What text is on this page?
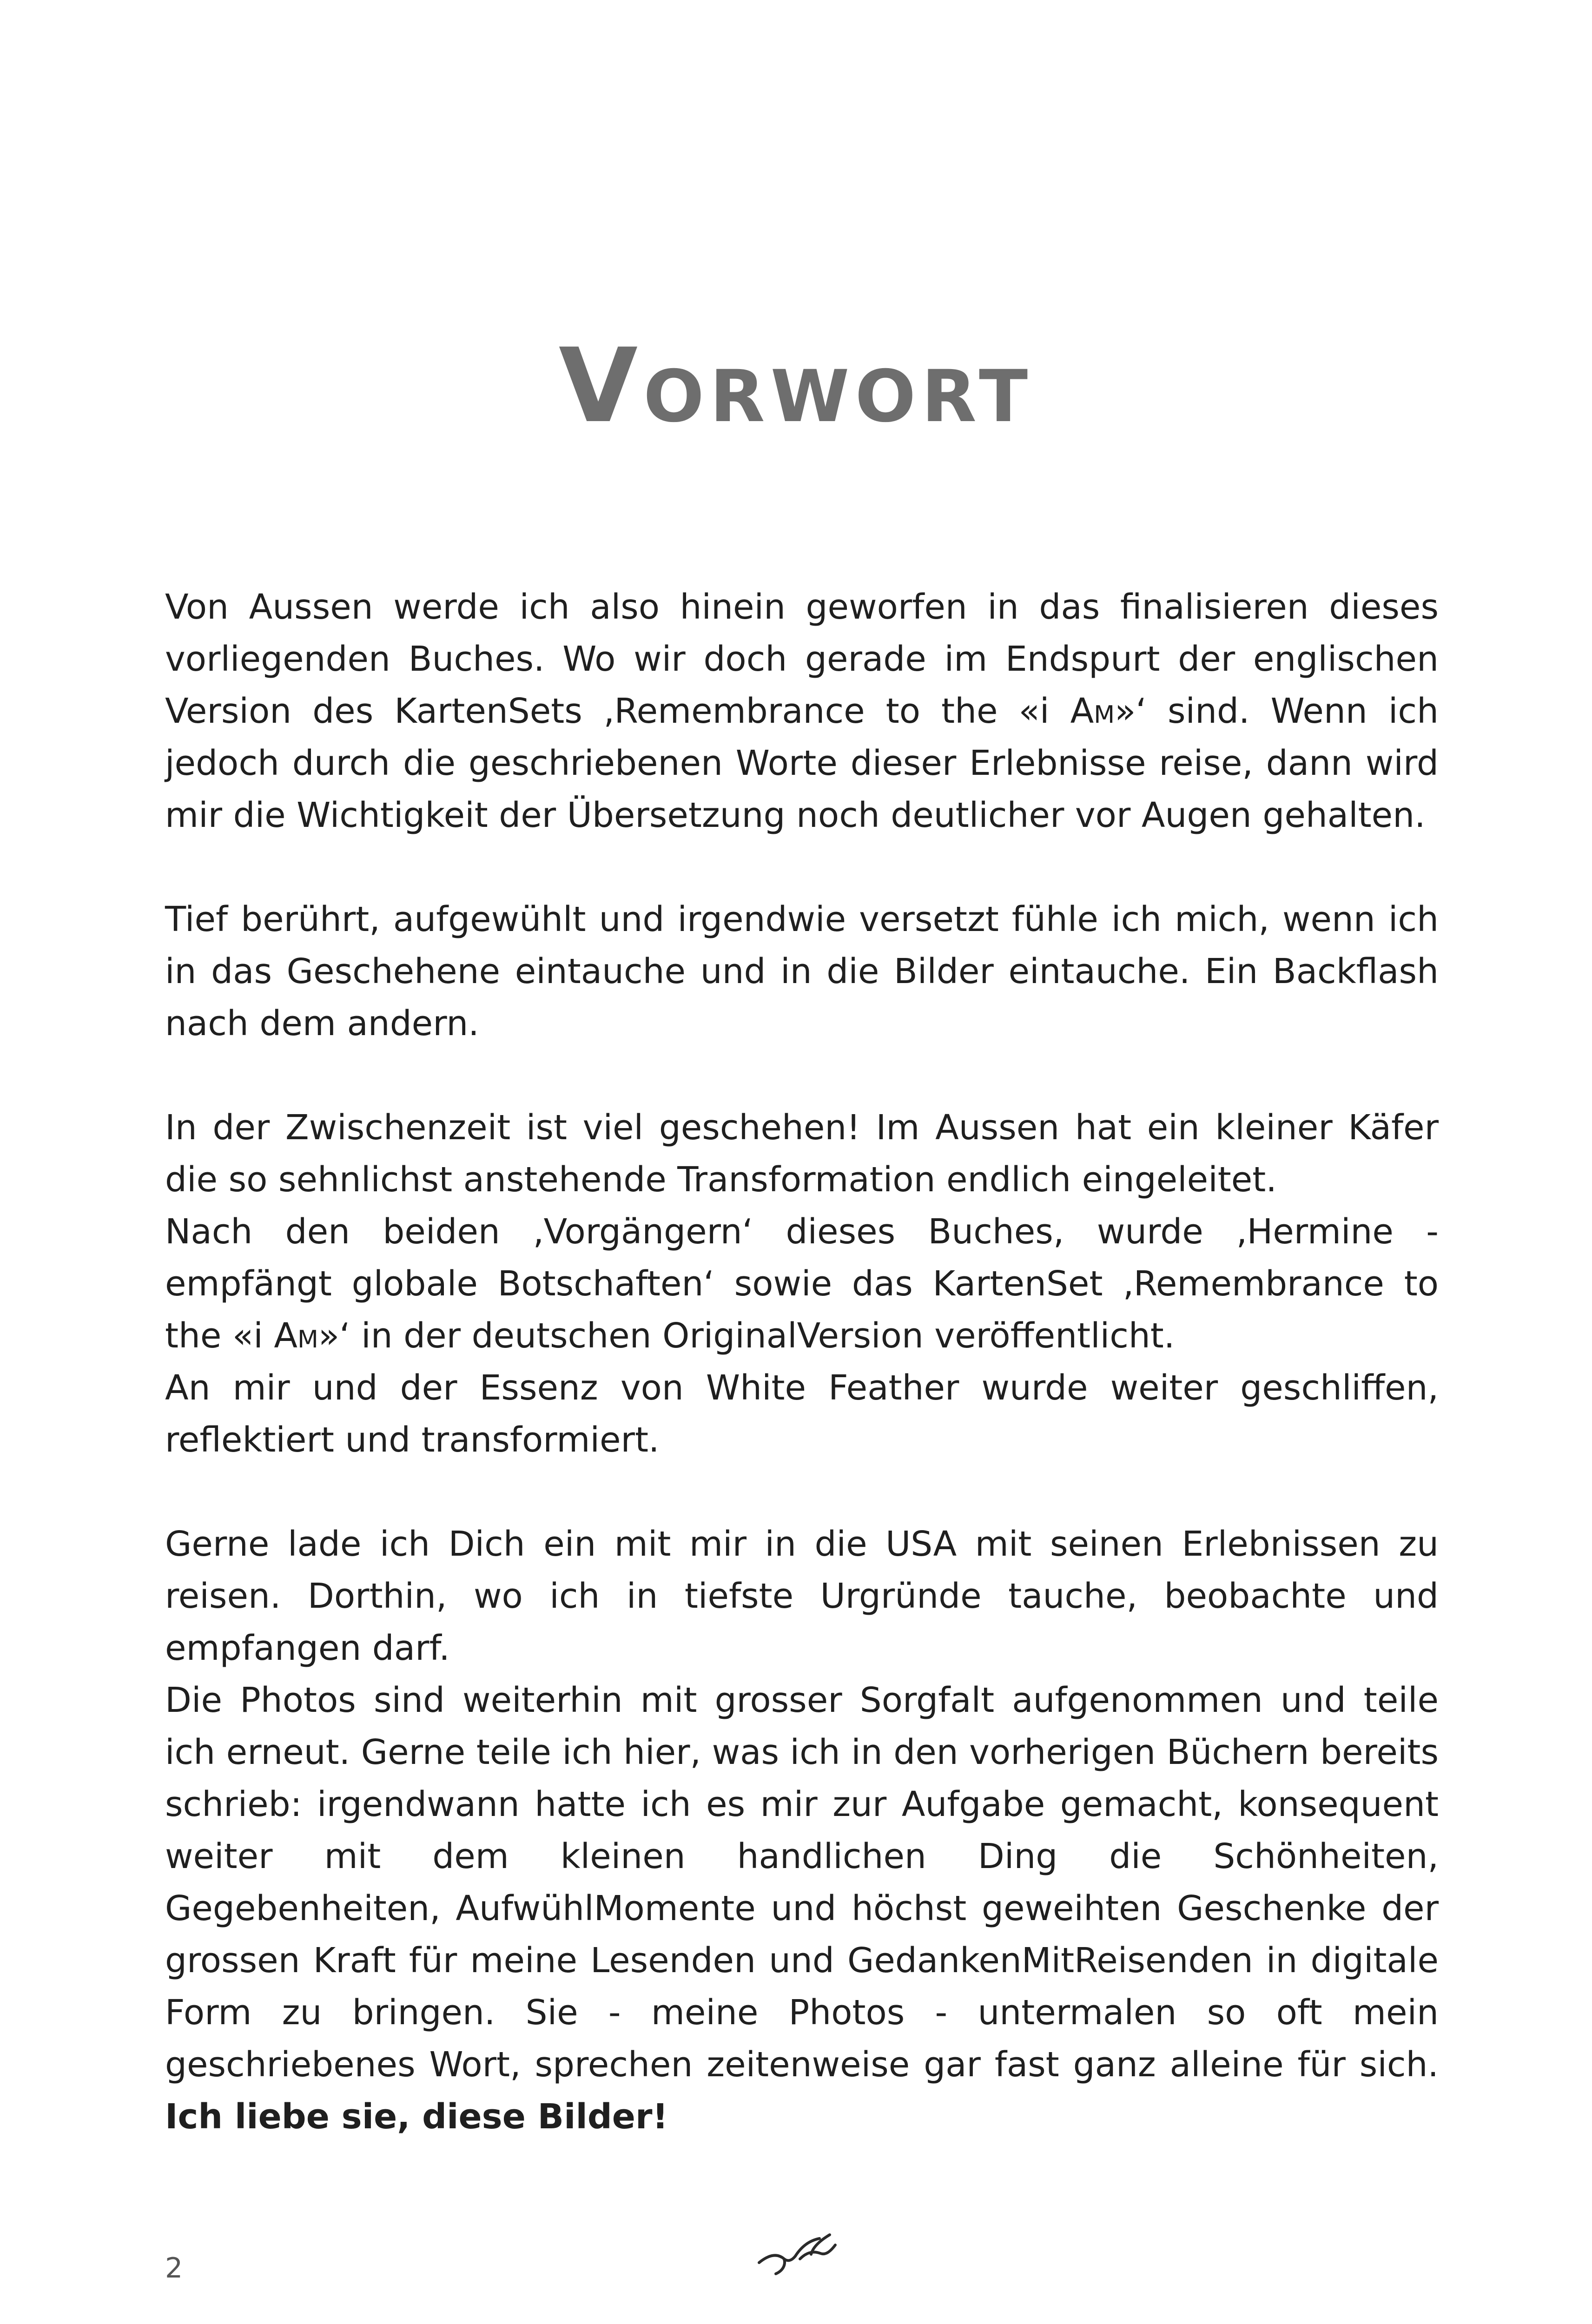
Vorwort

Von Aussen werde ich also hinein geworfen in das finalisieren dieses vorliegenden Buches. Wo wir doch gerade im Endspurt der englischen Version des KartenSets ‚Remembrance to the «i Am»‘ sind. Wenn ich jedoch durch die geschriebenen Worte dieser Erlebnisse reise, dann wird mir die Wichtigkeit der Übersetzung noch deutlicher vor Augen gehalten.

Tief berührt, aufgewühlt und irgendwie versetzt fühle ich mich, wenn ich in das Geschehene eintauche und in die Bilder eintauche. Ein Backflash nach dem andern.

In der Zwischenzeit ist viel geschehen! Im Aussen hat ein kleiner Käfer die so sehnlichst anstehende Transformation endlich eingeleitet.

Nach den beiden ‚Vorgängern‘ dieses Buches, wurde ‚Hermine - empfängt globale Botschaften‘ sowie das KartenSet ‚Remembrance to the «i Am»‘ in der deutschen OriginalVersion veröffentlicht.

An mir und der Essenz von White Feather wurde weiter geschliffen, reflektiert und transformiert.

Gerne lade ich Dich ein mit mir in die USA mit seinen Erlebnissen zu reisen. Dorthin, wo ich in tiefste Urgründe tauche, beobachte und empfangen darf.

Die Photos sind weiterhin mit grosser Sorgfalt aufgenommen und teile ich erneut. Gerne teile ich hier, was ich in den vorherigen Büchern bereits schrieb: irgendwann hatte ich es mir zur Aufgabe gemacht, konsequent weiter mit dem kleinen handlichen Ding die Schönheiten, Gegebenheiten, AufwühlMomente und höchst geweihten Geschenke der grossen Kraft für meine Lesenden und GedankenMitReisenden in digitale Form zu bringen. Sie - meine Photos - untermalen so oft mein geschriebenes Wort, sprechen zeitenweise gar fast ganz alleine für sich. Ich liebe sie, diese Bilder!

2
